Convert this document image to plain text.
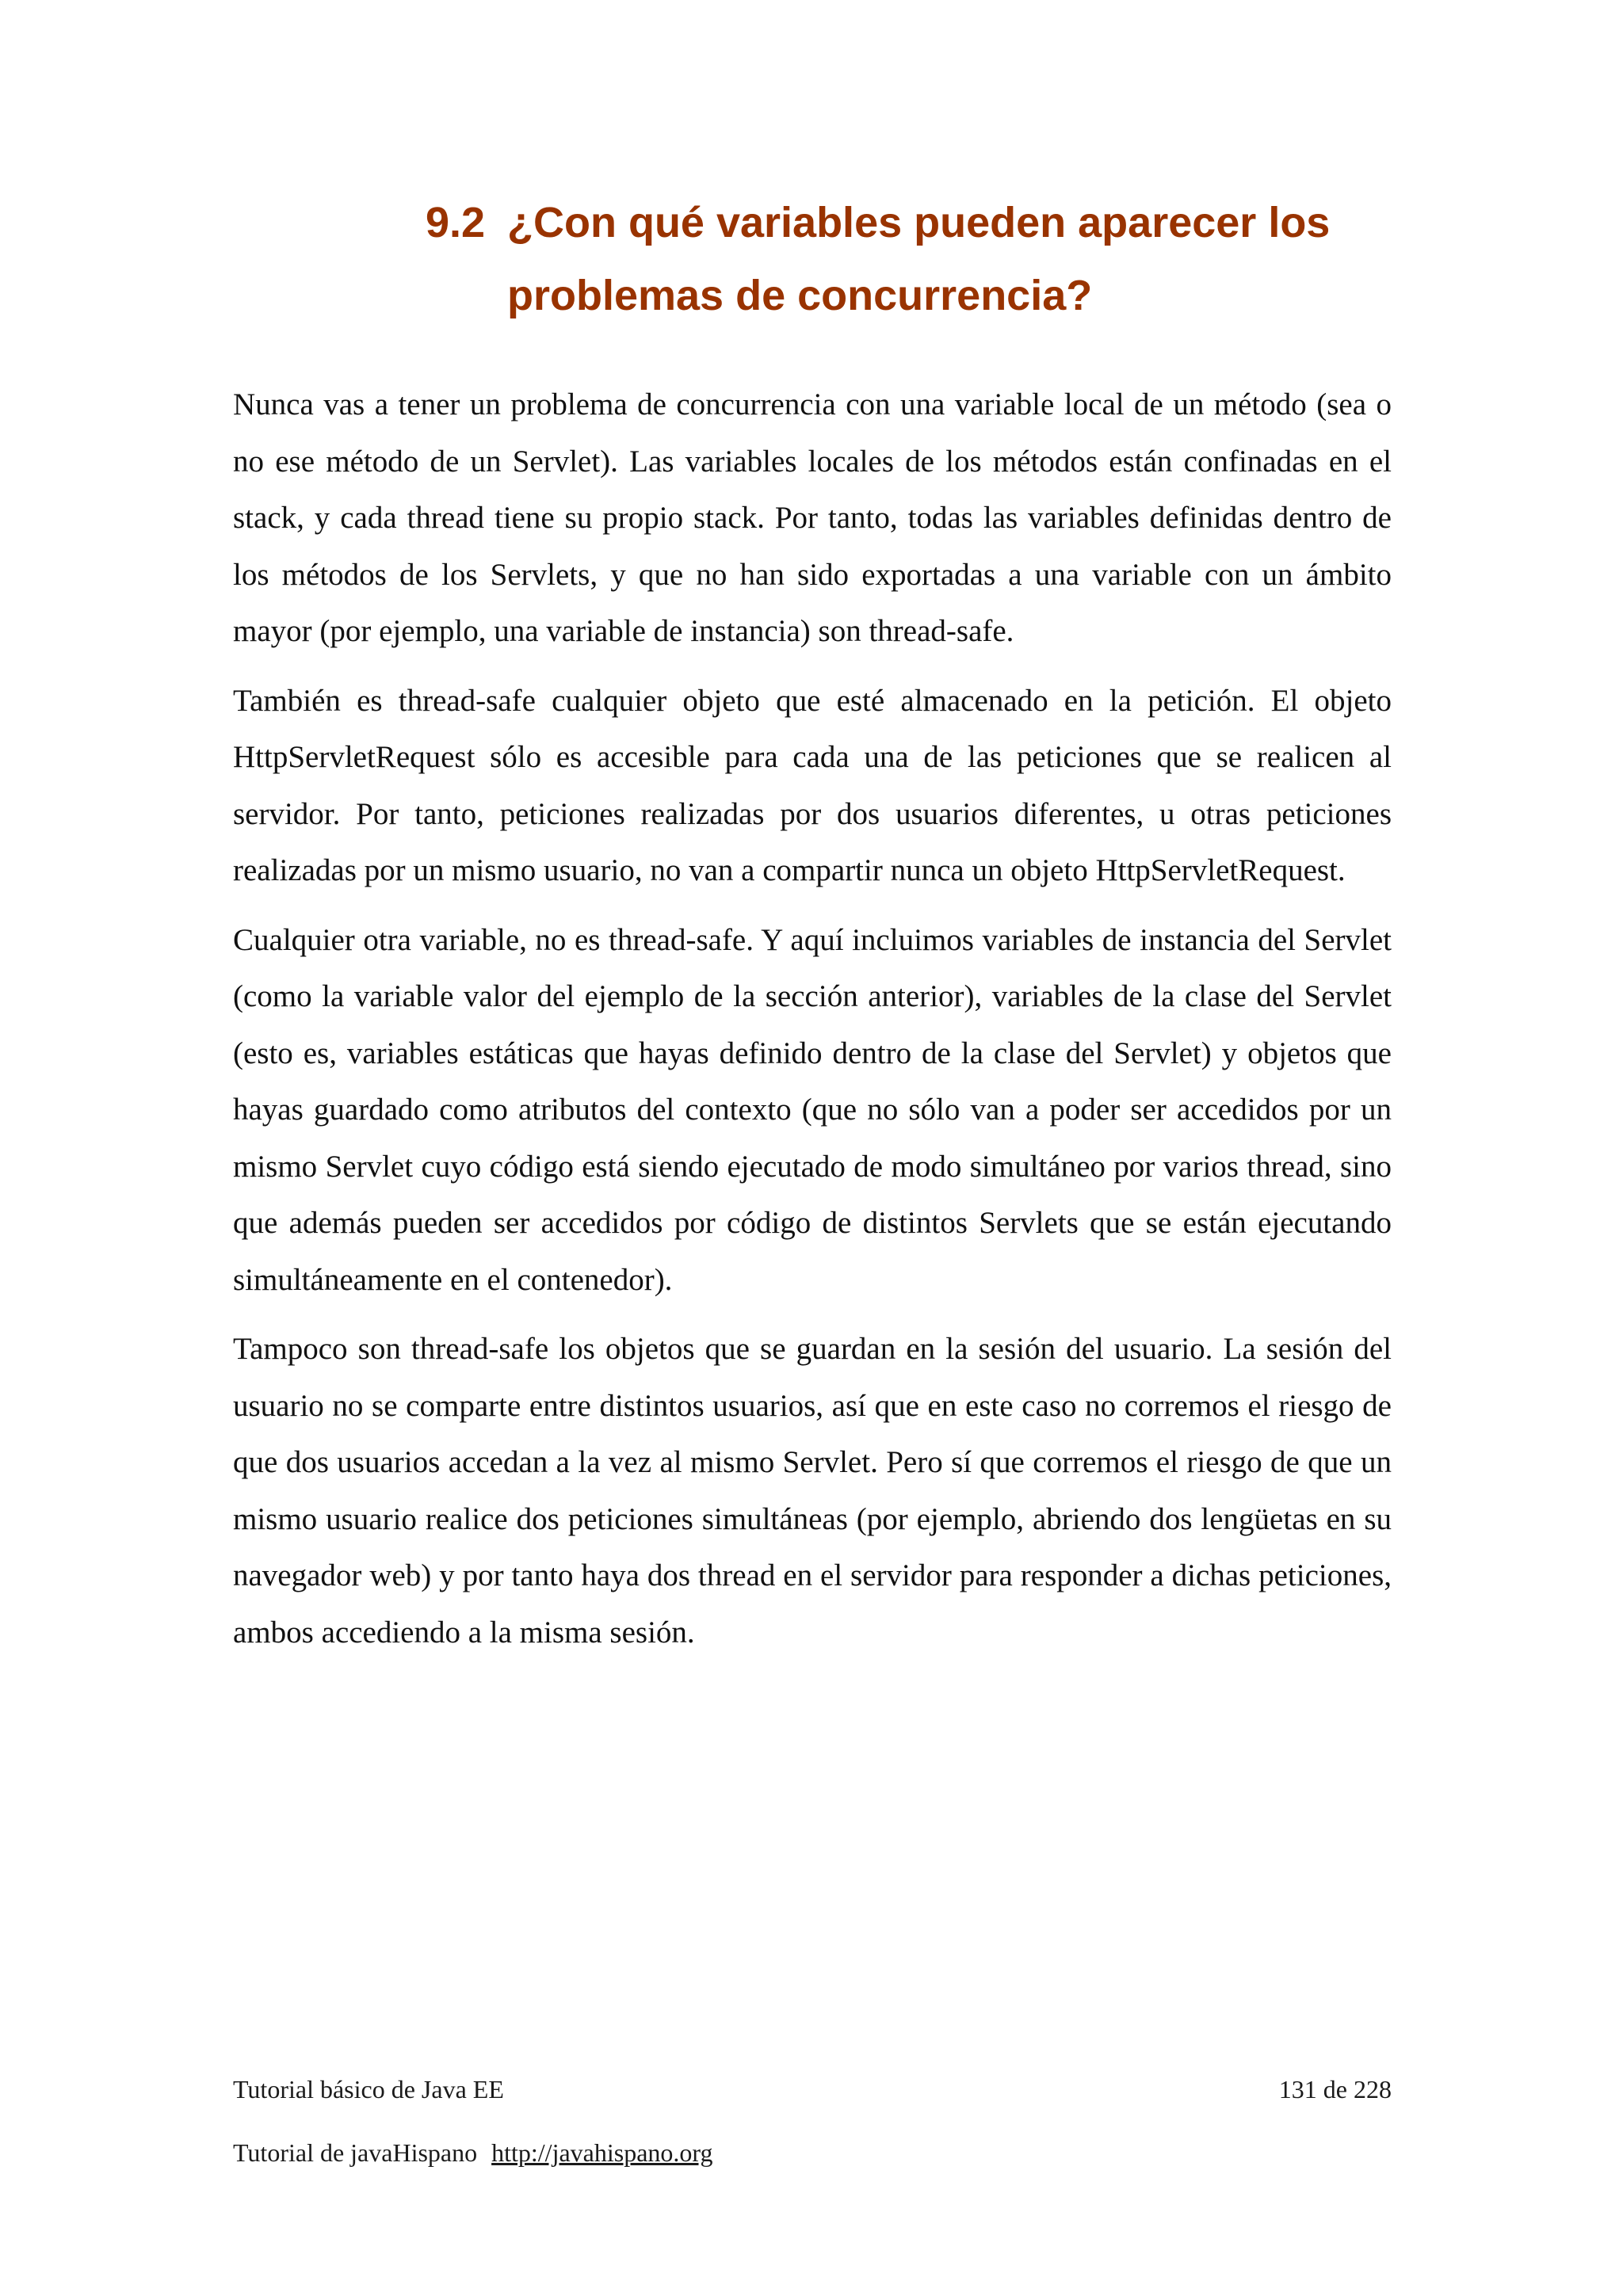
9.2 ¿Con qué variables pueden aparecer los problemas de concurrencia?

Nunca vas a tener un problema de concurrencia con una variable local de un método (sea o no ese método de un Servlet). Las variables locales de los métodos están confinadas en el stack, y cada thread tiene su propio stack. Por tanto, todas las variables definidas dentro de los métodos de los Servlets, y que no han sido exportadas a una variable con un ámbito mayor (por ejemplo, una variable de instancia) son thread-safe.

También es thread-safe cualquier objeto que esté almacenado en la petición. El objeto HttpServletRequest sólo es accesible para cada una de las peticiones que se realicen al servidor. Por tanto, peticiones realizadas por dos usuarios diferentes, u otras peticiones realizadas por un mismo usuario, no van a compartir nunca un objeto HttpServletRequest.

Cualquier otra variable, no es thread-safe. Y aquí incluimos variables de instancia del Servlet (como la variable valor del ejemplo de la sección anterior), variables de la clase del Servlet (esto es, variables estáticas que hayas definido dentro de la clase del Servlet) y objetos que hayas guardado como atributos del contexto (que no sólo van a poder ser accedidos por un mismo Servlet cuyo código está siendo ejecutado de modo simultáneo por varios thread, sino que además pueden ser accedidos por código de distintos Servlets que se están ejecutando simultáneamente en el contenedor).

Tampoco son thread-safe los objetos que se guardan en la sesión del usuario. La sesión del usuario no se comparte entre distintos usuarios, así que en este caso no corremos el riesgo de que dos usuarios accedan a la vez al mismo Servlet. Pero sí que corremos el riesgo de que un mismo usuario realice dos peticiones simultáneas (por ejemplo, abriendo dos lengüetas en su navegador web) y por tanto haya dos thread en el servidor para responder a dichas peticiones, ambos accediendo a la misma sesión.

Tutorial básico de Java EE	131 de 228
Tutorial de javaHispano http://javahispano.org
